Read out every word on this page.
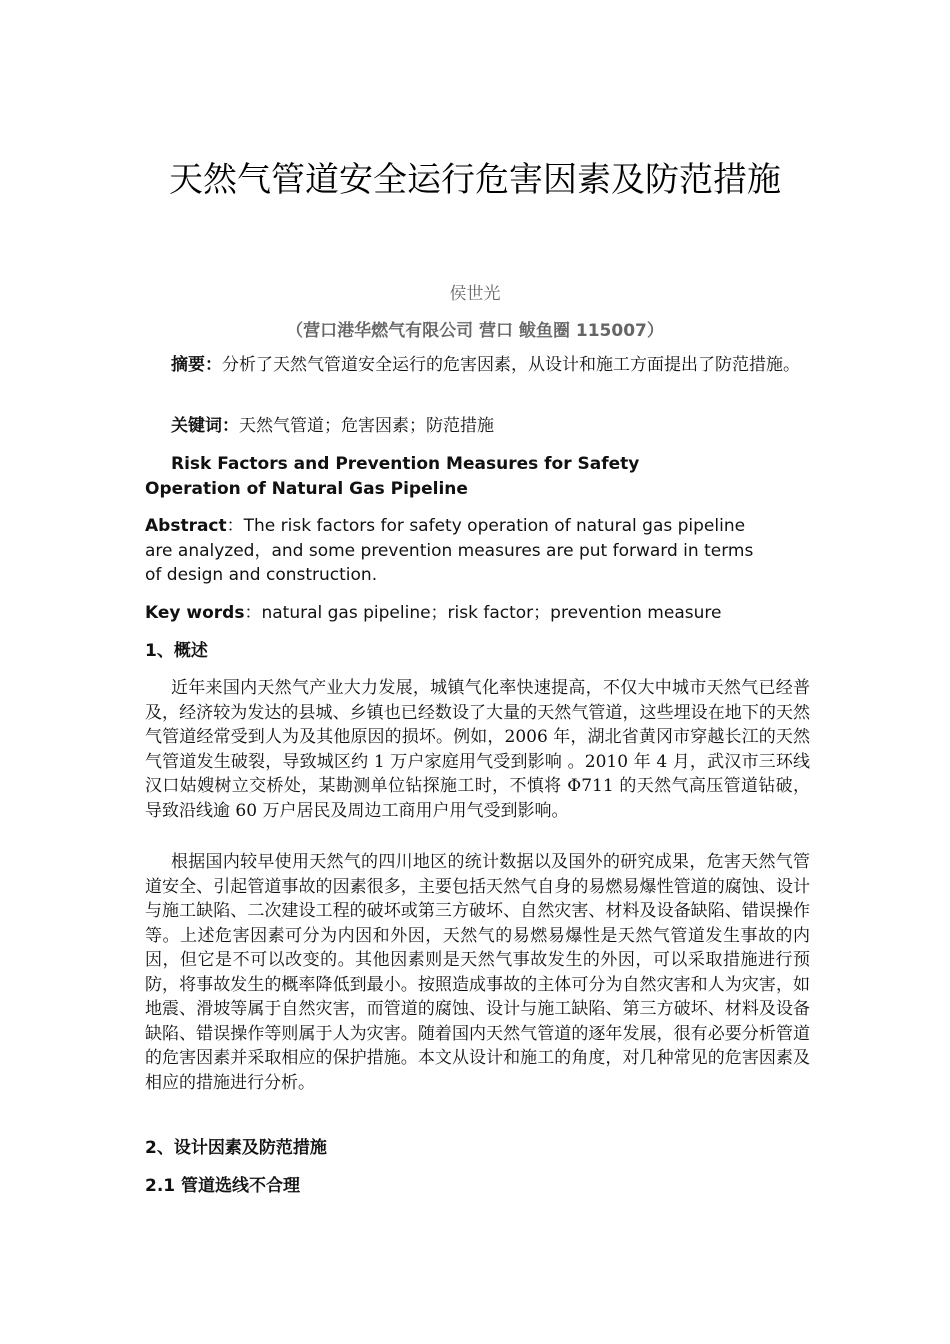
天然气管道安全运行危害因素及防范措施
侯世光
（营口港华燃气有限公司 营口 鲅鱼圈 115007）
摘要：分析了天然气管道安全运行的危害因素，从设计和施工方面提出了防范措施。
关键词：天然气管道；危害因素；防范措施
Risk Factors and Prevention Measures for Safety Operation of Natural Gas Pipeline
Abstract：The risk factors for safety operation of natural gas pipeline are analyzed，and some prevention measures are put forward in terms of design and construction.
Key words：natural gas pipeline；risk factor；prevention measure
1、概述
近年来国内天然气产业大力发展，城镇气化率快速提高，不仅大中城市天然气已经普及，经济较为发达的县城、乡镇也已经数设了大量的天然气管道，这些埋设在地下的天然气管道经常受到人为及其他原因的损坏。例如，2006 年，湖北省黄冈市穿越长江的天然气管道发生破裂，导致城区约 1 万户家庭用气受到影响 。2010 年 4 月，武汉市三环线汉口姑嫂树立交桥处，某勘测单位钻探施工时，不慎将 Φ711 的天然气高压管道钻破，导致沿线逾 60 万户居民及周边工商用户用气受到影响。
根据国内较早使用天然气的四川地区的统计数据以及国外的研究成果，危害天然气管道安全、引起管道事故的因素很多，主要包括天然气自身的易燃易爆性管道的腐蚀、设计与施工缺陷、二次建设工程的破坏或第三方破坏、自然灾害、材料及设备缺陷、错误操作等。上述危害因素可分为内因和外因，天然气的易燃易爆性是天然气管道发生事故的内因，但它是不可以改变的。其他因素则是天然气事故发生的外因，可以采取措施进行预防，将事故发生的概率降低到最小。按照造成事故的主体可分为自然灾害和人为灾害，如地震、滑坡等属于自然灾害，而管道的腐蚀、设计与施工缺陷、第三方破坏、材料及设备缺陷、错误操作等则属于人为灾害。随着国内天然气管道的逐年发展，很有必要分析管道的危害因素并采取相应的保护措施。本文从设计和施工的角度，对几种常见的危害因素及相应的措施进行分析。
2、设计因素及防范措施
2.1 管道选线不合理
